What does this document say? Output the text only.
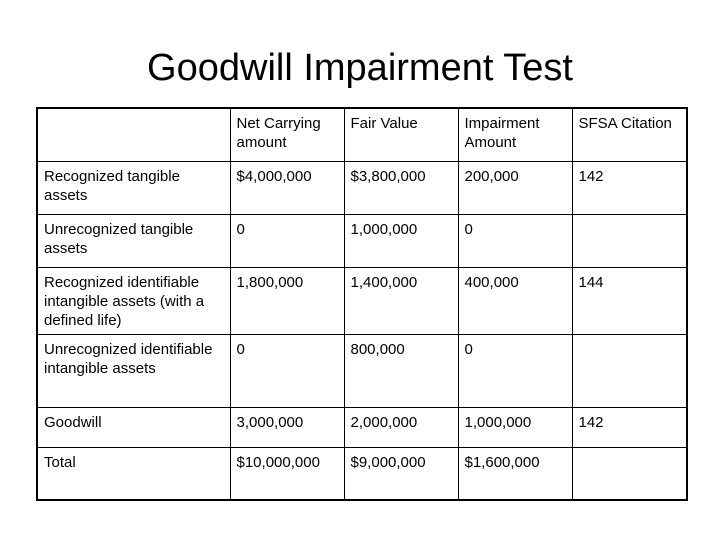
Goodwill Impairment Test
	Net Carrying amount	Fair Value	Impairment Amount	SFSA Citation
Recognized tangible assets	$4,000,000	$3,800,000	200,000	142
Unrecognized tangible assets	0	1,000,000	0	
Recognized identifiable intangible assets (with a defined life)	1,800,000	1,400,000	400,000	144
Unrecognized identifiable intangible assets	0	800,000	0	
Goodwill	3,000,000	2,000,000	1,000,000	142
Total	$10,000,000	$9,000,000	$1,600,000	
